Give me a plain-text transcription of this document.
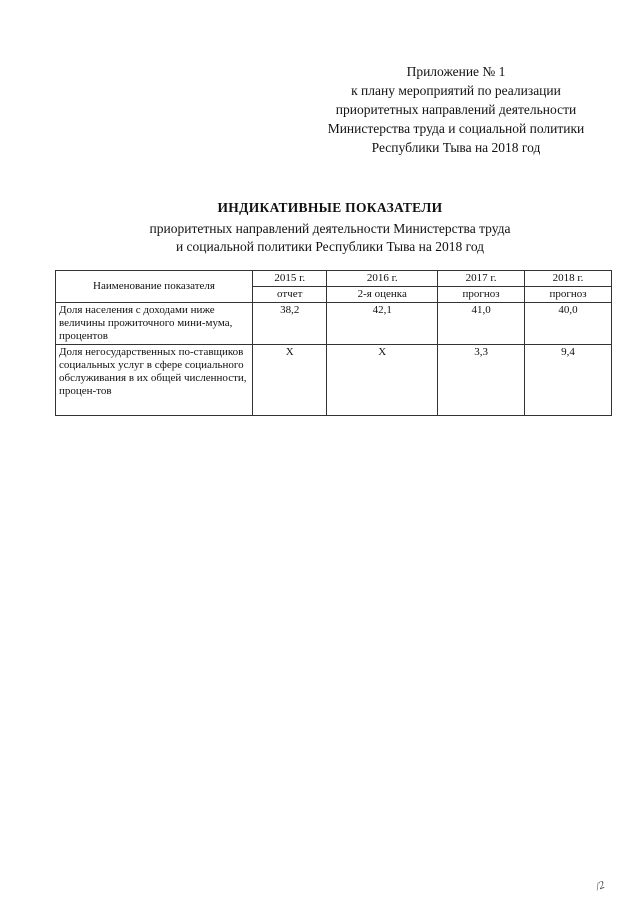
Приложение № 1
к плану мероприятий по реализации
приоритетных направлений деятельности
Министерства труда и социальной политики
Республики Тыва на 2018 год
ИНДИКАТИВНЫЕ ПОКАЗАТЕЛИ
приоритетных направлений деятельности Министерства труда
и социальной политики Республики Тыва на 2018 год
Наименование показателя	2015 г.	2016 г.	2017 г.	2018 г.
	отчет	2-я оценка	прогноз	прогноз
Доля населения с доходами ниже величины прожиточного мини-мума, процентов	38,2	42,1	41,0	40,0
Доля негосударственных по-ставщиков социальных услуг в сфере социального обслуживания в их общей численности, процен-тов	Х	Х	3,3	9,4
/2
